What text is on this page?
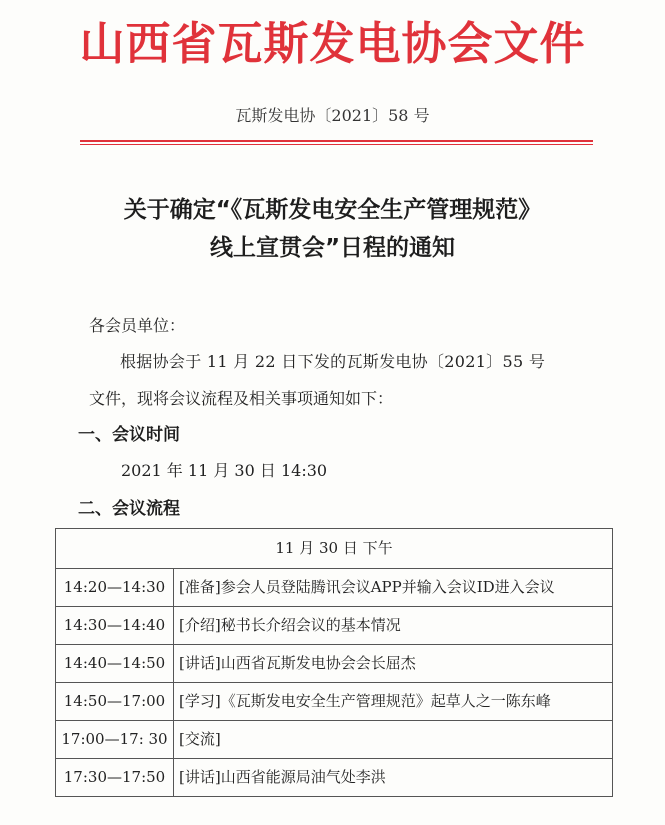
山西省瓦斯发电协会文件
瓦斯发电协〔2021〕58 号
关于确定“《瓦斯发电安全生产管理规范》
线上宣贯会”日程的通知
各会员单位：
根据协会于 11 月 22 日下发的瓦斯发电协〔2021〕55 号
文件，现将会议流程及相关事项通知如下：
一、会议时间
2021 年 11 月 30 日 14:30
二、会议流程
11 月 30 日 下午
14:20—14:30 [准备]参会人员登陆腾讯会议APP并输入会议ID进入会议
14:30—14:40 [介绍]秘书长介绍会议的基本情况
14:40—14:50 [讲话]山西省瓦斯发电协会会长屈杰
14:50—17:00 [学习]《瓦斯发电安全生产管理规范》起草人之一陈东峰
17:00—17: 30 [交流]
17:30—17:50 [讲话]山西省能源局油气处李洪
